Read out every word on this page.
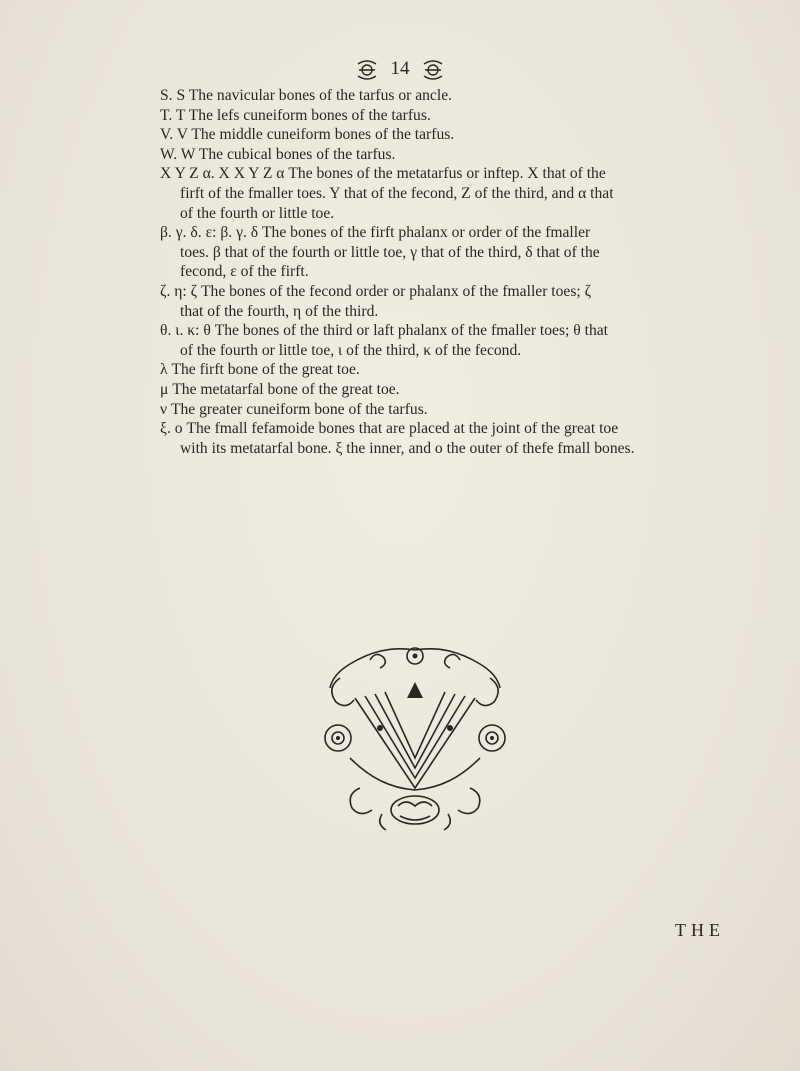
14
S. S The navicular bones of the tarfus or ancle.
T. T The lefs cuneiform bones of the tarfus.
V. V The middle cuneiform bones of the tarfus.
W. W The cubical bones of the tarfus.
X Y Z α. X X Y Z α The bones of the metatarfus or inftep. X that of the
firft of the fmaller toes. Y that of the fecond, Z of the third, and α that
of the fourth or little toe.
β. γ. δ. ε: β. γ. δ The bones of the firft phalanx or order of the fmaller
toes. β that of the fourth or little toe, γ that of the third, δ that of the
fecond, ε of the firft.
ζ. η: ζ The bones of the fecond order or phalanx of the fmaller toes; ζ
that of the fourth, η of the third.
θ. ι. κ: θ The bones of the third or laft phalanx of the fmaller toes; θ that
of the fourth or little toe, ι of the third, κ of the fecond.
λ The firft bone of the great toe.
μ The metatarfal bone of the great toe.
ν The greater cuneiform bone of the tarfus.
ξ. ο The fmall fefamoide bones that are placed at the joint of the great toe
with its metatarfal bone. ξ the inner, and ο the outer of thefe fmall bones.
THE
